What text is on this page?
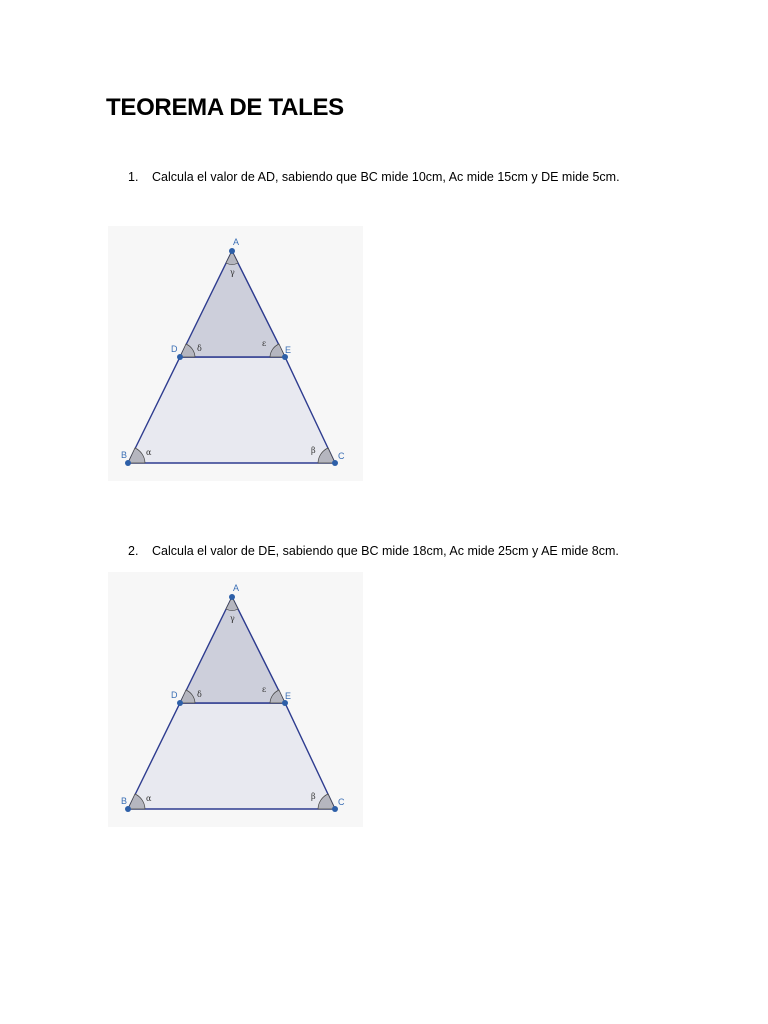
TEOREMA DE TALES
1.	Calcula el valor de AD, sabiendo que BC mide 10cm, Ac mide 15cm y DE mide 5cm.
A
D	E
B	C
γ
δ
ε
α	β
2.	Calcula el valor de DE, sabiendo que BC mide 18cm, Ac mide 25cm y AE mide 8cm.
A
D	E
B	C
γ
δ
ε
α	β
